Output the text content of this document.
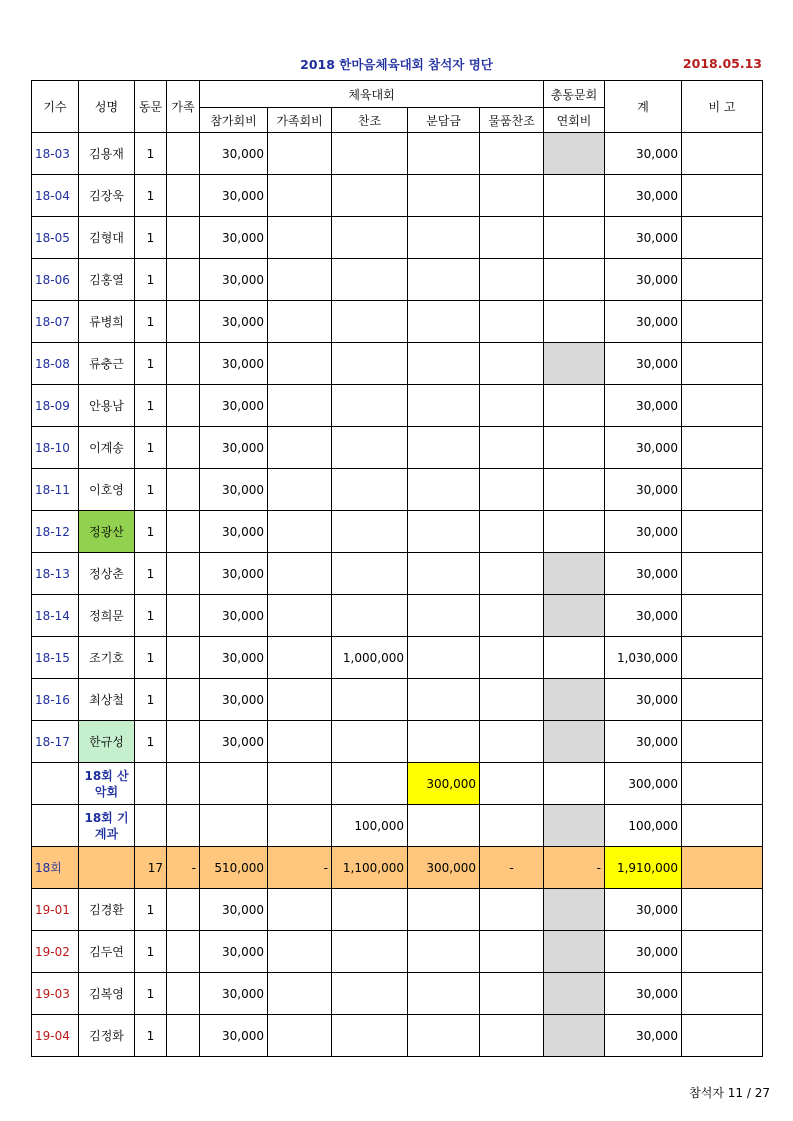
2018 한마음체육대회 참석자 명단	2018.05.13
기수	성명	동문	가족	체육대회					총동문회	계	비 고
				참가회비	가족회비	찬조	분담금	물품찬조	연회비		
18-03	김용재	1		30,000						30,000	
18-04	김장욱	1		30,000						30,000	
18-05	김형대	1		30,000						30,000	
18-06	김홍열	1		30,000						30,000	
18-07	류병희	1		30,000						30,000	
18-08	류충근	1		30,000						30,000	
18-09	안용남	1		30,000						30,000	
18-10	이계송	1		30,000						30,000	
18-11	이호영	1		30,000						30,000	
18-12	정광산	1		30,000						30,000	
18-13	정상춘	1		30,000						30,000	
18-14	정희문	1		30,000						30,000	
18-15	조기호	1		30,000		1,000,000				1,030,000	
18-16	최상철	1		30,000						30,000	
18-17	한규성	1		30,000						30,000	
	18회 산악회						300,000			300,000	
	18회 기계과					100,000				100,000	
18회		17	-	510,000	-	1,100,000	300,000	-	-	1,910,000	
19-01	김경환	1		30,000						30,000	
19-02	김두연	1		30,000						30,000	
19-03	김복영	1		30,000						30,000	
19-04	김정화	1		30,000						30,000	
참석자 11 / 27
